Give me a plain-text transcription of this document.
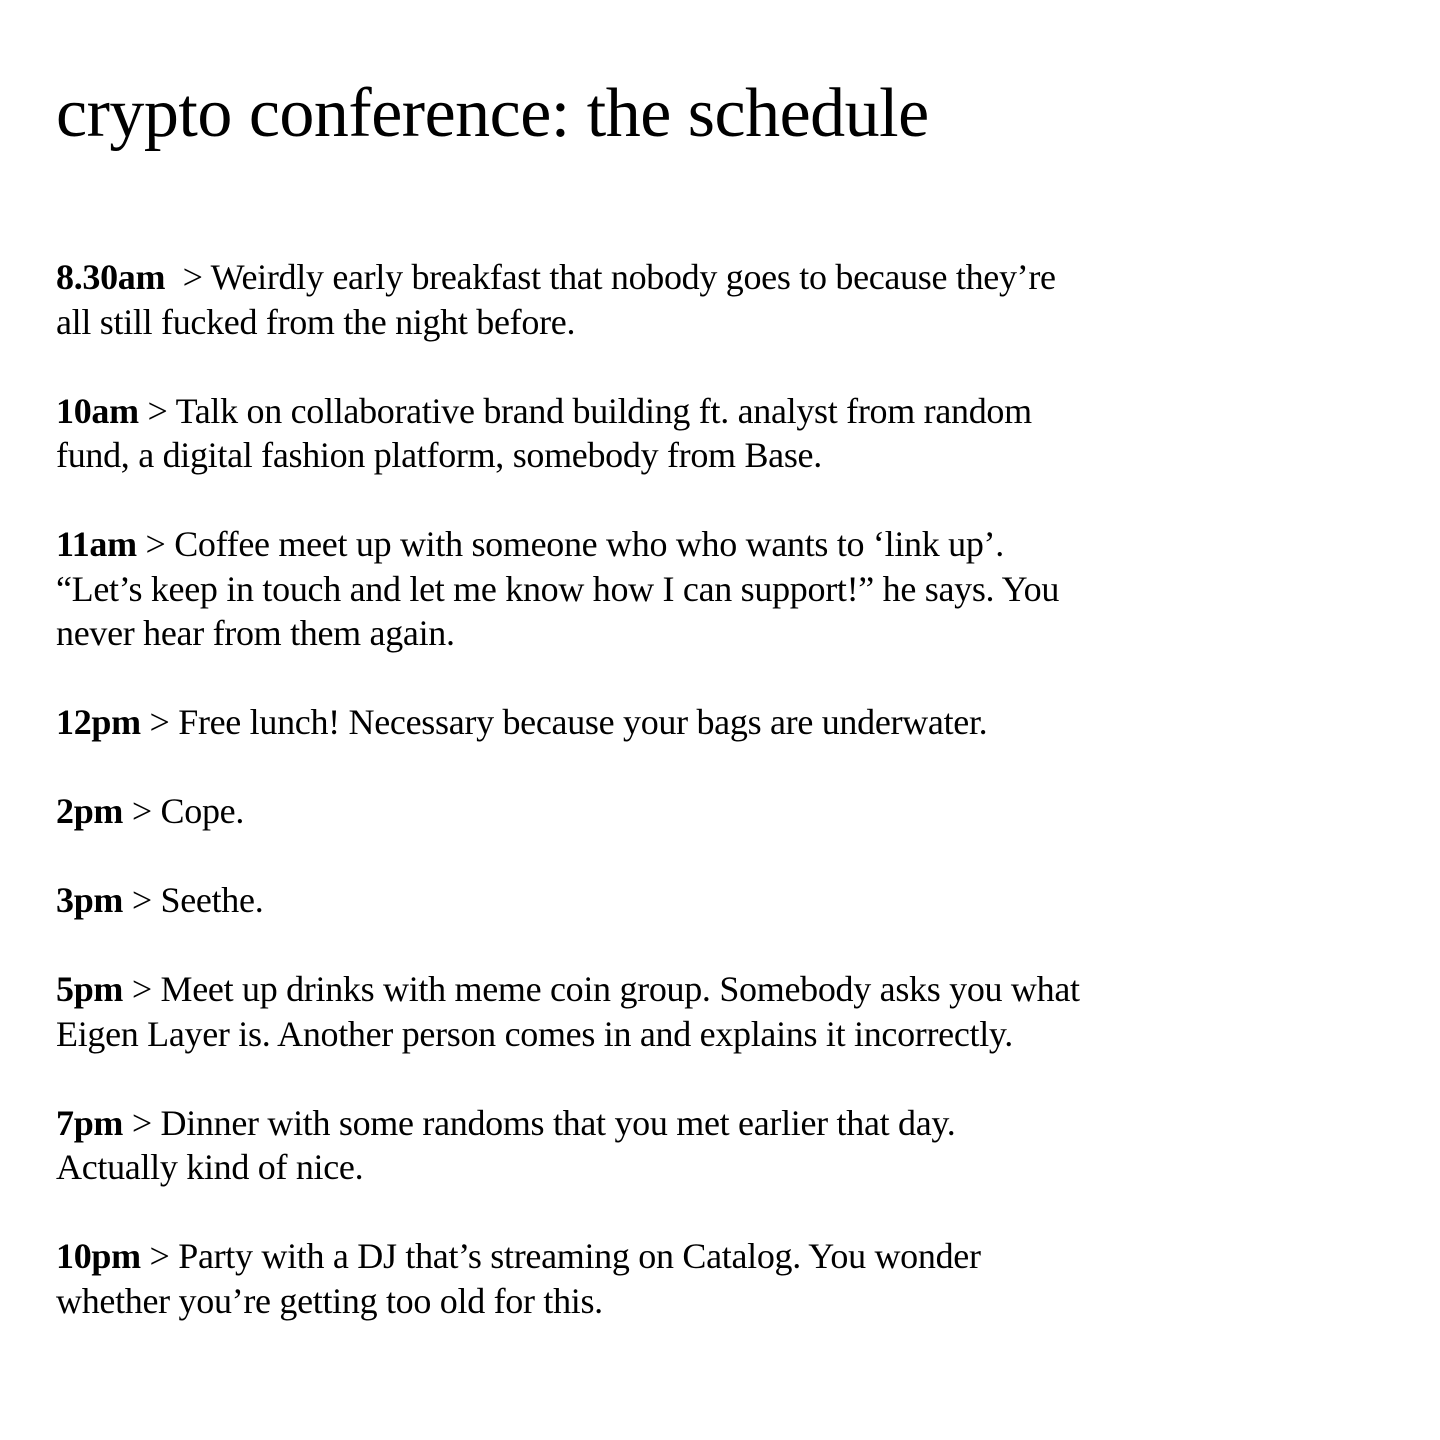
crypto conference: the schedule

8.30am  > Weirdly early breakfast that nobody goes to because they’re
all still fucked from the night before.

10am > Talk on collaborative brand building ft. analyst from random
fund, a digital fashion platform, somebody from Base.

11am > Coffee meet up with someone who who wants to ‘link up’.
“Let’s keep in touch and let me know how I can support!” he says. You
never hear from them again.

12pm > Free lunch! Necessary because your bags are underwater.

2pm > Cope.

3pm > Seethe.

5pm > Meet up drinks with meme coin group. Somebody asks you what
Eigen Layer is. Another person comes in and explains it incorrectly.

7pm > Dinner with some randoms that you met earlier that day.
Actually kind of nice.

10pm > Party with a DJ that’s streaming on Catalog. You wonder
whether you’re getting too old for this.
